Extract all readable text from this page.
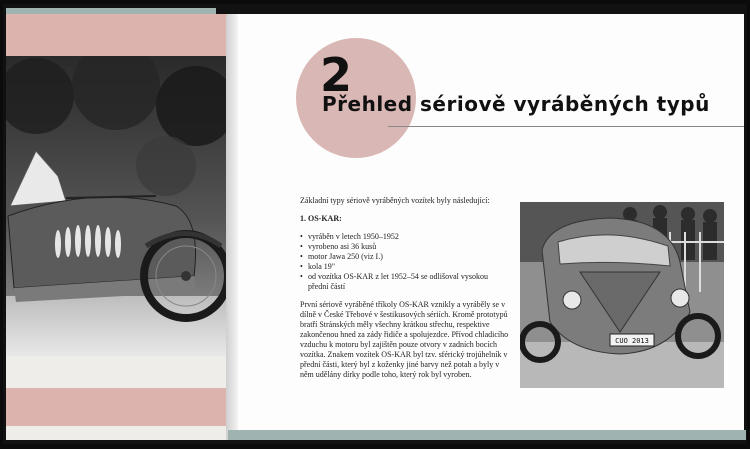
2
Přehled sériově vyráběných typů

Základní typy sériově vyráběných vozítek byly následující:

1. OS-KAR:

• vyráběn v letech 1950–1952
• vyrobeno asi 36 kusů
• motor Jawa 250 (viz I.)
• kola 19"
• od vozítka OS-KAR z let 1952–54 se odlišoval vysokou přední částí

První sériově vyráběné tříkoly OS-KAR vznikly a vyráběly se v dílně v České Třebové v šestikusových sériích. Kromě prototypů bratří Stránských měly všechny krátkou střechu, respektive zakončenou hned za zády řidiče a spolujezdce. Přívod chladicího vzduchu k motoru byl zajištěn pouze otvory v zadních bocích vozítka. Znakem vozítek OS-KAR byl tzv. sférický trojúhelník v přední části, který byl z koženky jiné barvy než potah a byly v něm udělány dírky podle toho, který rok byl vyroben.

CUO 2013
